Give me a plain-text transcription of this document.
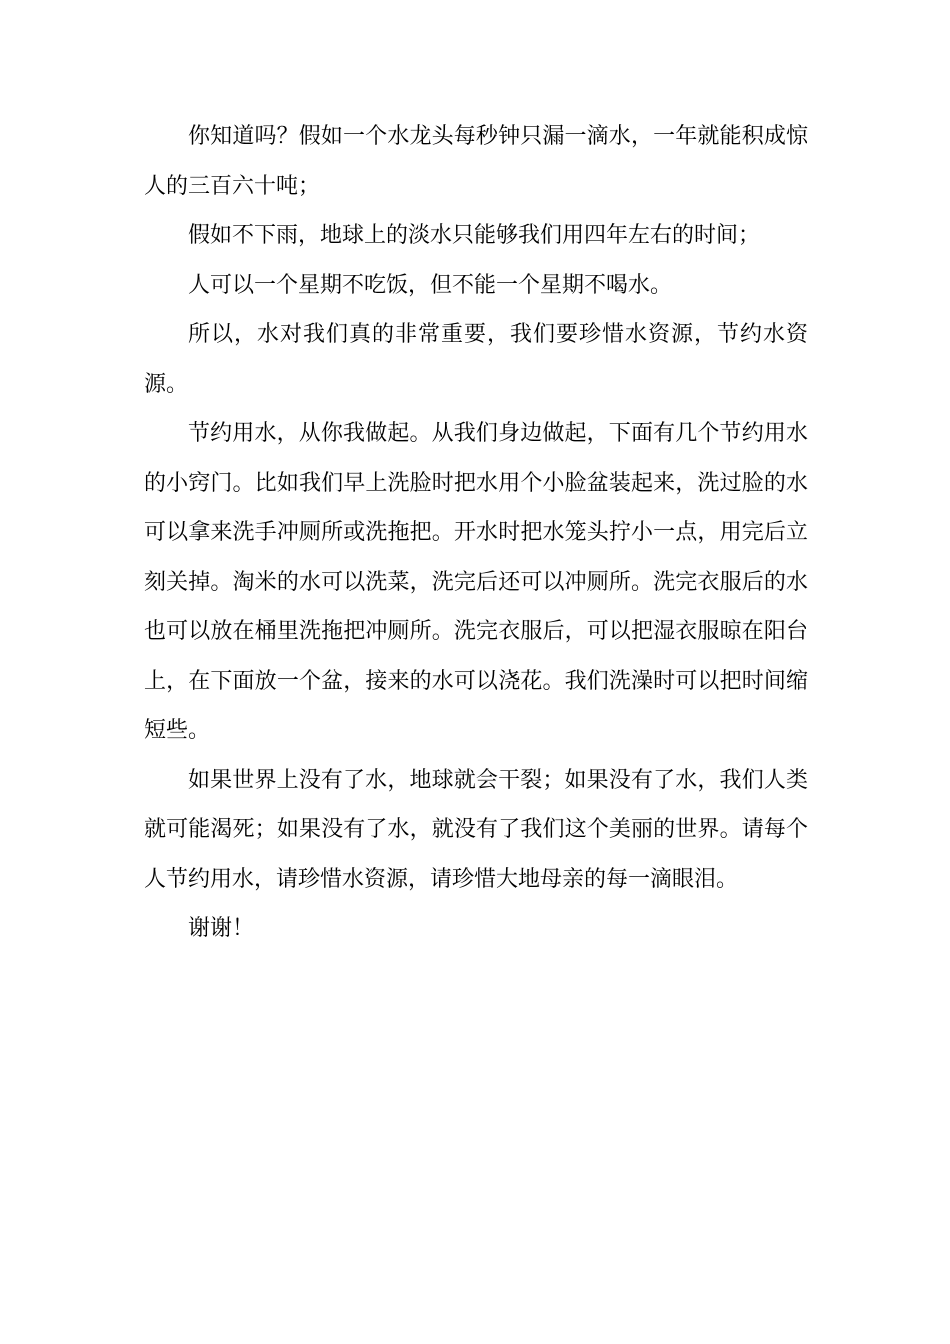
你知道吗？假如一个水龙头每秒钟只漏一滴水，一年就能积成惊人的三百六十吨；

假如不下雨，地球上的淡水只能够我们用四年左右的时间；

人可以一个星期不吃饭，但不能一个星期不喝水。

所以，水对我们真的非常重要，我们要珍惜水资源，节约水资源。

节约用水，从你我做起。从我们身边做起，下面有几个节约用水的小窍门。比如我们早上洗脸时把水用个小脸盆装起来，洗过脸的水可以拿来洗手冲厕所或洗拖把。开水时把水笼头拧小一点，用完后立刻关掉。淘米的水可以洗菜，洗完后还可以冲厕所。洗完衣服后的水也可以放在桶里洗拖把冲厕所。洗完衣服后，可以把湿衣服晾在阳台上，在下面放一个盆，接来的水可以浇花。我们洗澡时可以把时间缩短些。

如果世界上没有了水，地球就会干裂；如果没有了水，我们人类就可能渴死；如果没有了水，就没有了我们这个美丽的世界。请每个人节约用水，请珍惜水资源，请珍惜大地母亲的每一滴眼泪。

谢谢！
